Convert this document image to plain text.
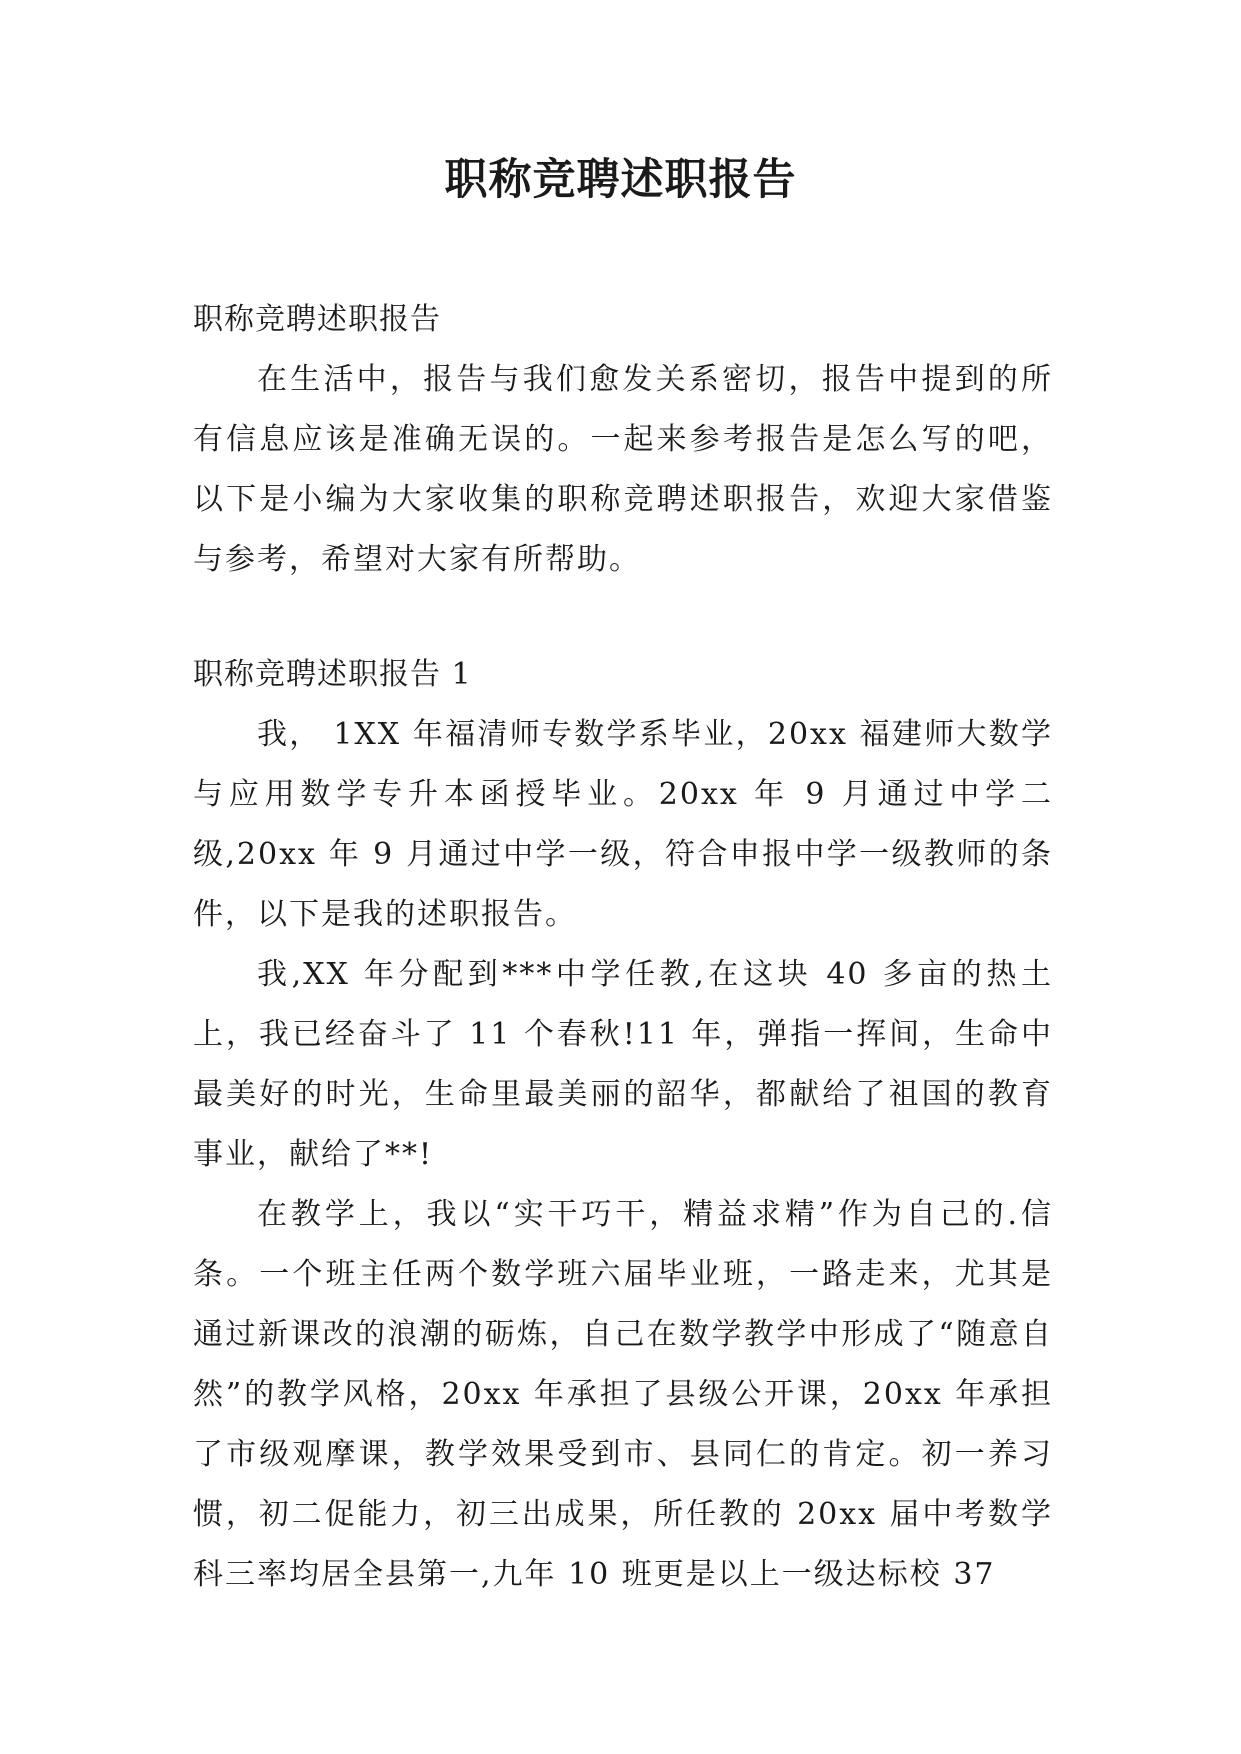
职称竞聘述职报告

职称竞聘述职报告

在生活中，报告与我们愈发关系密切，报告中提到的所有信息应该是准确无误的。一起来参考报告是怎么写的吧，以下是小编为大家收集的职称竞聘述职报告，欢迎大家借鉴与参考，希望对大家有所帮助。

职称竞聘述职报告 1

我， 1XX 年福清师专数学系毕业，20xx 福建师大数学与应用数学专升本函授毕业。20xx 年 9 月通过中学二级,20xx 年 9 月通过中学一级，符合申报中学一级教师的条件，以下是我的述职报告。

我,XX 年分配到***中学任教,在这块 40 多亩的热土上，我已经奋斗了 11 个春秋!11 年，弹指一挥间，生命中最美好的时光，生命里最美丽的韶华，都献给了祖国的教育事业，献给了**!

在教学上，我以“实干巧干，精益求精”作为自己的.信条。一个班主任两个数学班六届毕业班，一路走来，尤其是通过新课改的浪潮的砺炼，自己在数学教学中形成了“随意自然”的教学风格，20xx 年承担了县级公开课，20xx 年承担了市级观摩课，教学效果受到市、县同仁的肯定。初一养习惯，初二促能力，初三出成果，所任教的 20xx 届中考数学科三率均居全县第一,九年 10 班更是以上一级达标校 37
